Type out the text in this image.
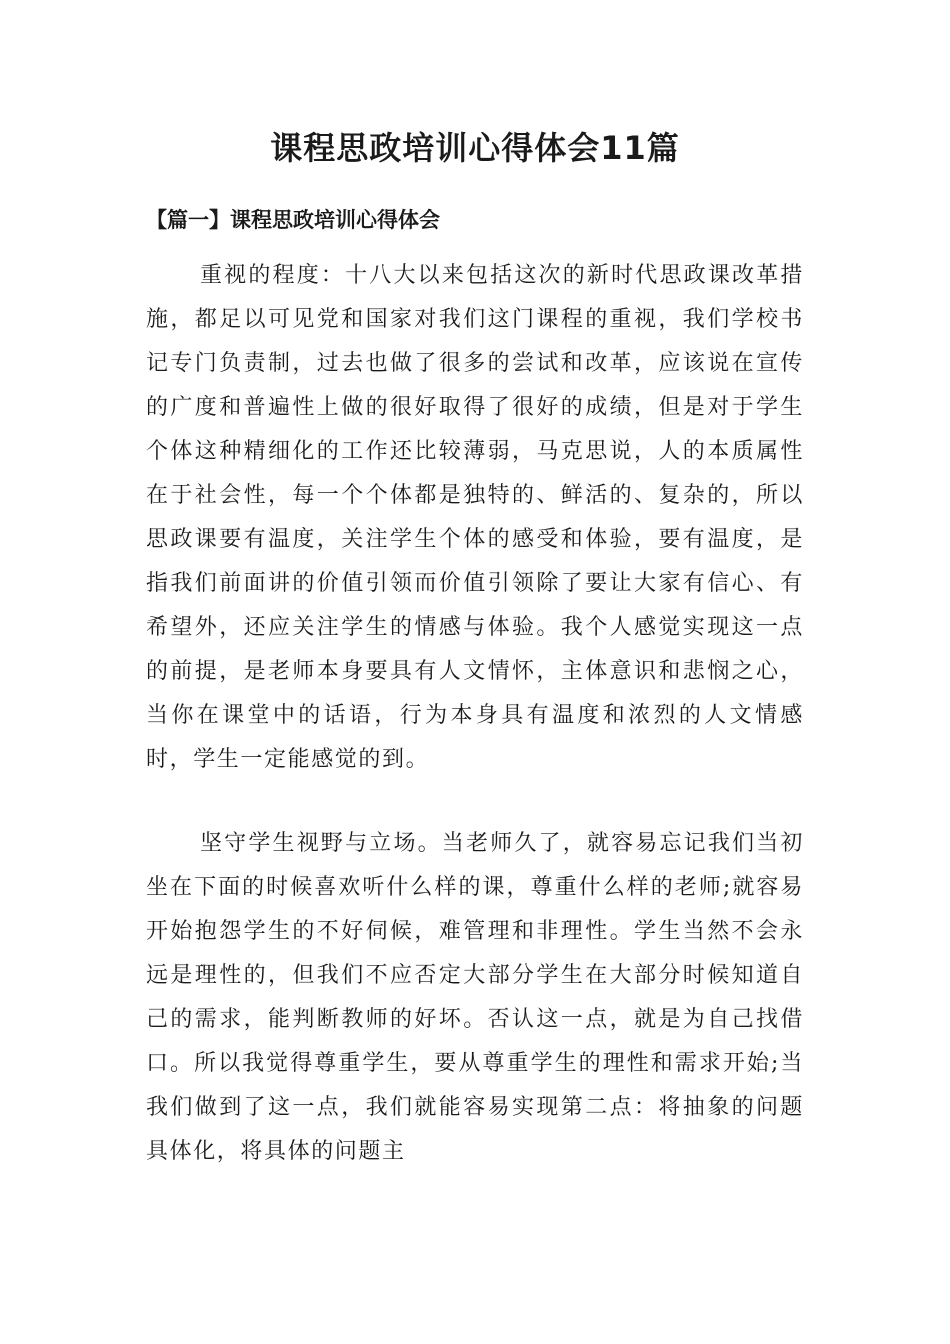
课程思政培训心得体会11篇
【篇一】课程思政培训心得体会

重视的程度：十八大以来包括这次的新时代思政课改革措施，都足以可见党和国家对我们这门课程的重视，我们学校书记专门负责制，过去也做了很多的尝试和改革，应该说在宣传的广度和普遍性上做的很好取得了很好的成绩，但是对于学生个体这种精细化的工作还比较薄弱，马克思说，人的本质属性在于社会性，每一个个体都是独特的、鲜活的、复杂的，所以思政课要有温度，关注学生个体的感受和体验，要有温度，是指我们前面讲的价值引领而价值引领除了要让大家有信心、有希望外，还应关注学生的情感与体验。我个人感觉实现这一点的前提，是老师本身要具有人文情怀，主体意识和悲悯之心，当你在课堂中的话语，行为本身具有温度和浓烈的人文情感时，学生一定能感觉的到。

坚守学生视野与立场。当老师久了，就容易忘记我们当初坐在下面的时候喜欢听什么样的课，尊重什么样的老师;就容易开始抱怨学生的不好伺候，难管理和非理性。学生当然不会永远是理性的，但我们不应否定大部分学生在大部分时候知道自己的需求，能判断教师的好坏。否认这一点，就是为自己找借口。所以我觉得尊重学生，要从尊重学生的理性和需求开始;当我们做到了这一点，我们就能容易实现第二点：将抽象的问题具体化，将具体的问题主
